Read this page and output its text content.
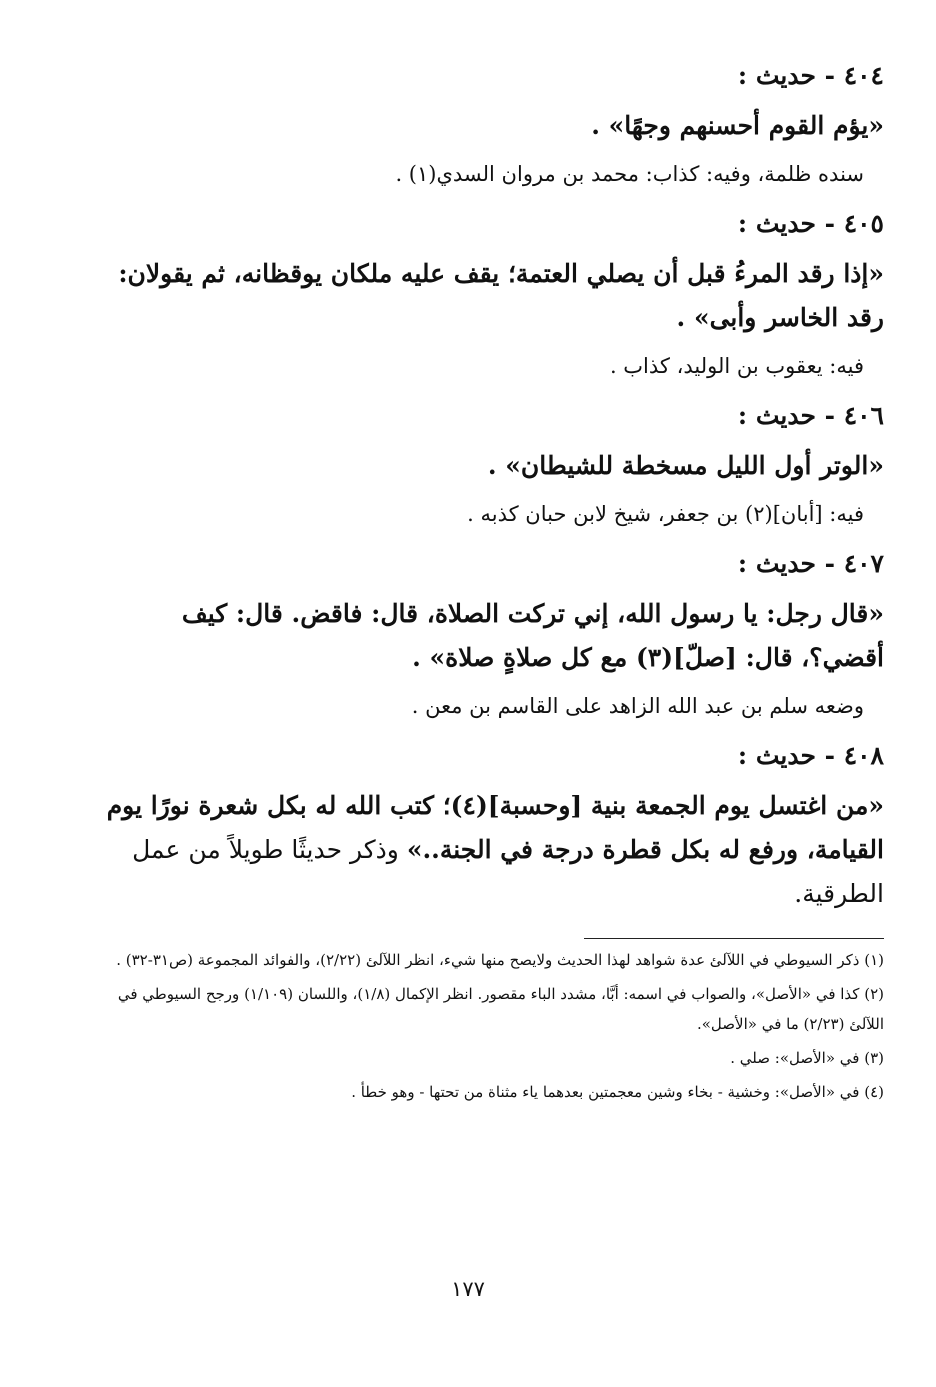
٤٠٤ - حديث :

«يؤم القوم أحسنهم وجهًا» .

سنده ظلمة، وفيه: كذاب: محمد بن مروان السدي(١) .

٤٠٥ - حديث :

«إذا رقد المرءُ قبل أن يصلي العتمة؛ يقف عليه ملكان يوقظانه، ثم يقولان: رقد الخاسر وأبى» .

فيه: يعقوب بن الوليد، كذاب .

٤٠٦ - حديث :

«الوتر أول الليل مسخطة للشيطان» .

فيه: [أبان](٢) بن جعفر، شيخ لابن حبان كذبه .

٤٠٧ - حديث :

«قال رجل: يا رسول الله، إني تركت الصلاة، قال: فاقض. قال: كيف أقضي؟، قال: [صلّ](٣) مع كل صلاةٍ صلاة» .

وضعه سلم بن عبد الله الزاهد على القاسم بن معن .

٤٠٨ - حديث :

«من اغتسل يوم الجمعة بنية [وحسبة](٤)؛ كتب الله له بكل شعرة نورًا يوم القيامة، ورفع له بكل قطرة درجة في الجنة..» وذكر حديثًا طويلاً من عمل الطرقية.

(١) ذكر السيوطي في اللآلئ عدة شواهد لهذا الحديث ولايصح منها شيء، انظر اللآلئ (٢/٢٢)، والفوائد المجموعة (ص٣١-٣٢) .

(٢) كذا في «الأصل»، والصواب في اسمه: أبَّا، مشدد الباء مقصور. انظر الإكمال (١/٨)، واللسان (١/١٠٩) ورجح السيوطي في اللآلئ (٢/٢٣) ما في «الأصل».

(٣) في «الأصل»: صلي .

(٤) في «الأصل»: وخشية - بخاء وشين معجمتين بعدهما ياء مثناة من تحتها - وهو خطأ .

١٧٧
